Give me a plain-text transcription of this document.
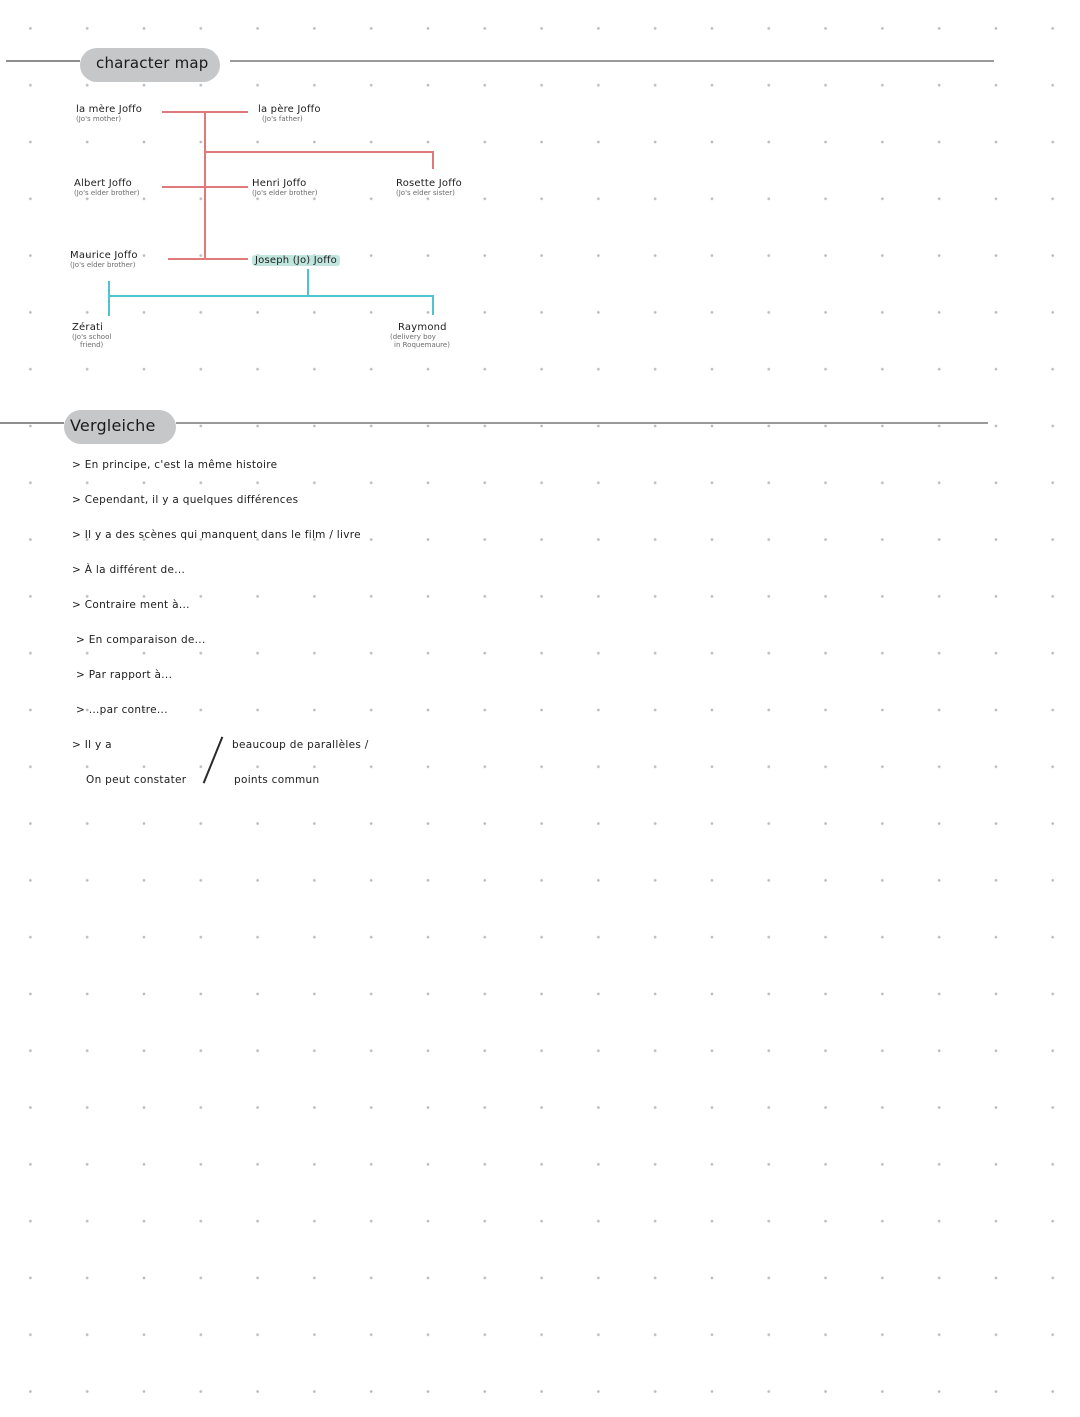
character map
la mère Joffo
(Jo's mother)
la père Joffo
(Jo's father)
Albert Joffo
(Jo's elder brother)
Henri Joffo
(Jo's elder brother)
Rosette Joffo
(Jo's elder sister)
Maurice Joffo
(Jo's elder brother)	Joseph (Jo) Joffo
Zérati
(Jo's school
friend)
Raymond
(delivery boy
in Roquemaure)
Vergleiche
> En principe, c'est la même histoire
> Cependant, il y a quelques différences
> Il y a des scènes qui manquent dans le film / livre
> À la différent de...
> Contraire ment à...
> En comparaison de...
> Par rapport à...
> ...par contre...
> Il y a
On peut constater
beaucoup de parallèles /
points commun
